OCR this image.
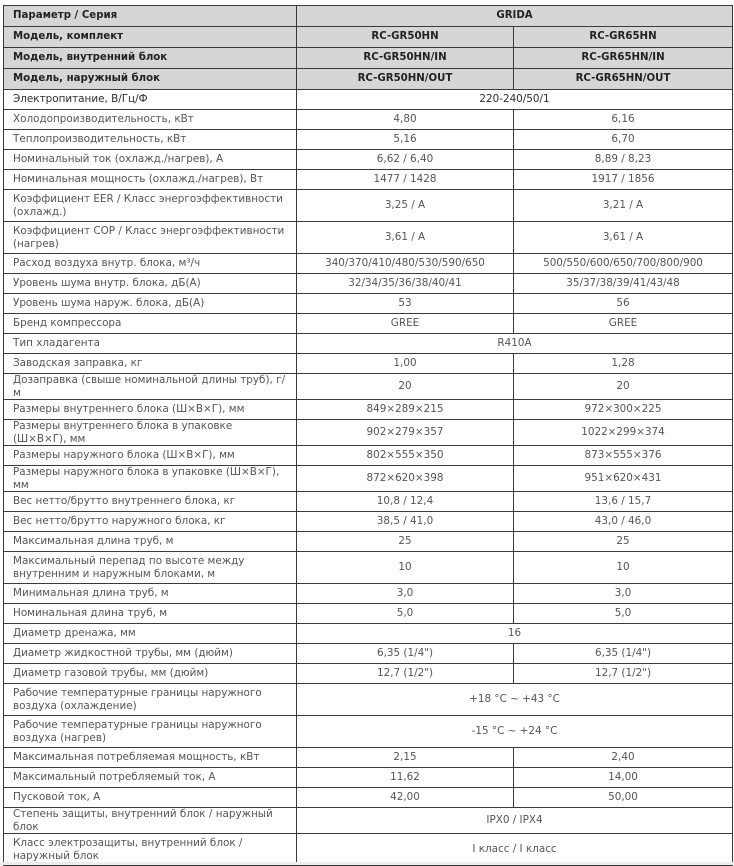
Параметр / Серия	GRIDA	
Модель, комплект	RC-GR50HN	RC-GR65HN
Модель, внутренний блок	RC-GR50HN/IN	RC-GR65HN/IN
Модель, наружный блок	RC-GR50HN/OUT	RC-GR65HN/OUT
Электропитание, В/Гц/Ф	220-240/50/1	
Холодопроизводительность, кВт	4,80	6,16
Теплопроизводительность, кВт	5,16	6,70
Номинальный ток (охлажд./нагрев), А	6,62 / 6,40	8,89 / 8,23
Номинальная мощность (охлажд./нагрев), Вт	1477 / 1428	1917 / 1856
Коэффициент EER / Класс энергоэффективности (охлажд.)	3,25 / A	3,21 / A
Коэффициент COP / Класс энергоэффективности (нагрев)	3,61 / A	3,61 / A
Расход воздуха внутр. блока, м³/ч	340/370/410/480/530/590/650	500/550/600/650/700/800/900
Уровень шума внутр. блока, дБ(А)	32/34/35/36/38/40/41	35/37/38/39/41/43/48
Уровень шума наруж. блока, дБ(А)	53	56
Бренд компрессора	GREE	GREE
Тип хладагента	R410A	
Заводская заправка, кг	1,00	1,28
Дозаправка (свыше номинальной длины труб), г/м	20	20
Размеры внутреннего блока (Ш×В×Г), мм	849×289×215	972×300×225
Размеры внутреннего блока в упаковке (Ш×В×Г), мм	902×279×357	1022×299×374
Размеры наружного блока (Ш×В×Г), мм	802×555×350	873×555×376
Размеры наружного блока в упаковке (Ш×В×Г), мм	872×620×398	951×620×431
Вес нетто/брутто внутреннего блока, кг	10,8 / 12,4	13,6 / 15,7
Вес нетто/брутто наружного блока, кг	38,5 / 41,0	43,0 / 46,0
Максимальная длина труб, м	25	25
Максимальный перепад по высоте между внутренним и наружным блоками, м	10	10
Минимальная длина труб, м	3,0	3,0
Номинальная длина труб, м	5,0	5,0
Диаметр дренажа, мм	16	
Диаметр жидкостной трубы, мм (дюйм)	6,35 (1/4")	6,35 (1/4")
Диаметр газовой трубы, мм (дюйм)	12,7 (1/2")	12,7 (1/2")
Рабочие температурные границы наружного воздуха (охлаждение)	+18 °C ~ +43 °C	
Рабочие температурные границы наружного воздуха (нагрев)	-15 °C ~ +24 °C	
Максимальная потребляемая мощность, кВт	2,15	2,40
Максимальный потребляемый ток, А	11,62	14,00
Пусковой ток, А	42,00	50,00
Степень защиты, внутренний блок / наружный блок	IPX0 / IPX4	
Класс электрозащиты, внутренний блок / наружный блок	I класс / I класс	
